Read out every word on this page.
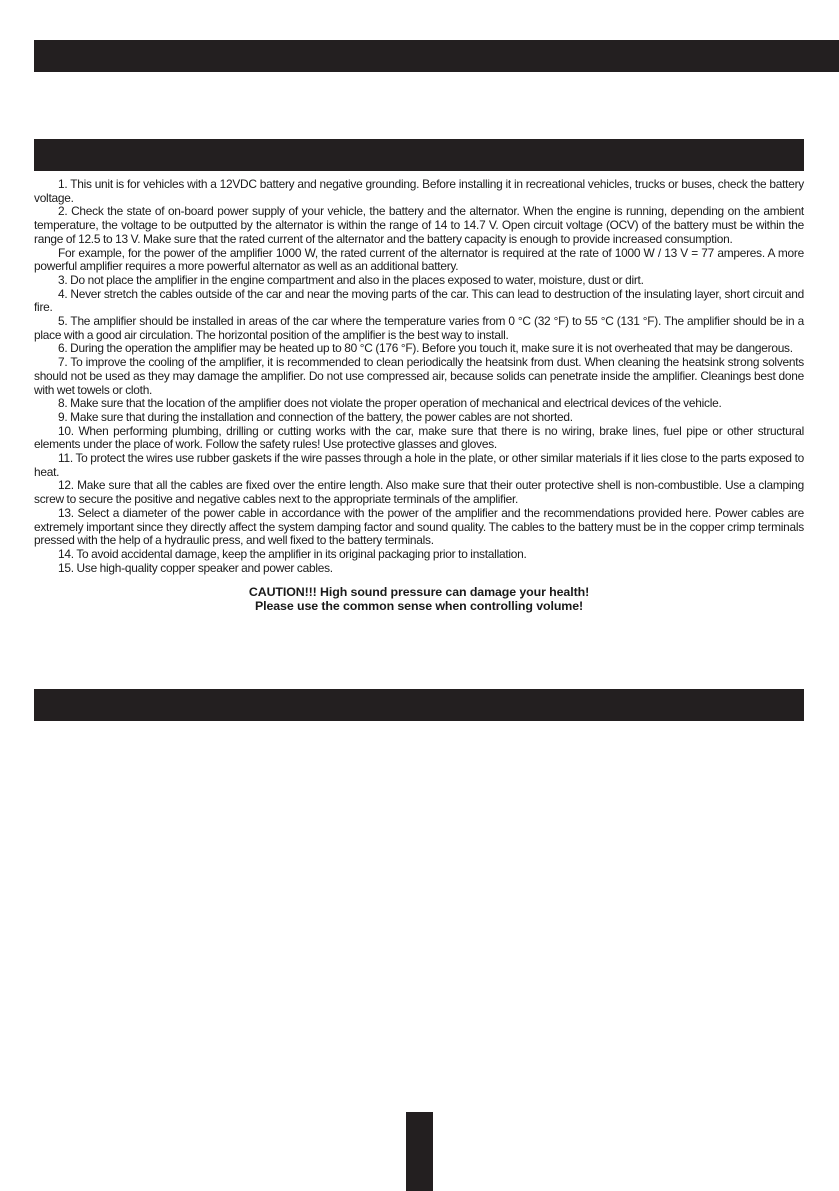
1. This unit is for vehicles with a 12VDC battery and negative grounding. Before installing it in recreational vehicles, trucks or buses, check the battery voltage.

2. Check the state of on-board power supply of your vehicle, the battery and the alternator. When the engine is running, depending on the ambient temperature, the voltage to be outputted by the alternator is within the range of 14 to 14.7 V. Open circuit voltage (OCV) of the battery must be within the range of 12.5 to 13 V. Make sure that the rated current of the alternator and the battery capacity is enough to provide increased consumption.

For example, for the power of the amplifier 1000 W, the rated current of the alternator is required at the rate of 1000 W / 13 V = 77 amperes. A more powerful amplifier requires a more powerful alternator as well as an additional battery.

3. Do not place the amplifier in the engine compartment and also in the places exposed to water, moisture, dust or dirt.

4. Never stretch the cables outside of the car and near the moving parts of the car. This can lead to destruction of the insulating layer, short circuit and fire.

5. The amplifier should be installed in areas of the car where the temperature varies from 0 °C (32 °F) to 55 °C (131 °F). The amplifier should be in a place with a good air circulation. The horizontal position of the amplifier is the best way to install.

6. During the operation the amplifier may be heated up to 80 °C (176 °F). Before you touch it, make sure it is not overheated that may be dangerous.

7. To improve the cooling of the amplifier, it is recommended to clean periodically the heatsink from dust. When cleaning the heatsink strong solvents should not be used as they may damage the amplifier. Do not use compressed air, because solids can penetrate inside the amplifier. Cleanings best done with wet towels or cloth.

8. Make sure that the location of the amplifier does not violate the proper operation of mechanical and electrical devices of the vehicle.

9. Make sure that during the installation and connection of the battery, the power cables are not shorted.

10. When performing plumbing, drilling or cutting works with the car, make sure that there is no wiring, brake lines, fuel pipe or other structural elements under the place of work. Follow the safety rules! Use protective glasses and gloves.

11. To protect the wires use rubber gaskets if the wire passes through a hole in the plate, or other similar materials if it lies close to the parts exposed to heat.

12. Make sure that all the cables are fixed over the entire length. Also make sure that their outer protective shell is non-combustible. Use a clamping screw to secure the positive and negative cables next to the appropriate terminals of the amplifier.

13. Select a diameter of the power cable in accordance with the power of the amplifier and the recommendations provided here. Power cables are extremely important since they directly affect the system damping factor and sound quality. The cables to the battery must be in the copper crimp terminals pressed with the help of a hydraulic press, and well fixed to the battery terminals.

14. To avoid accidental damage, keep the amplifier in its original packaging prior to installation.

15. Use high-quality copper speaker and power cables.

CAUTION!!! High sound pressure can damage your health!
Please use the common sense when controlling volume!
